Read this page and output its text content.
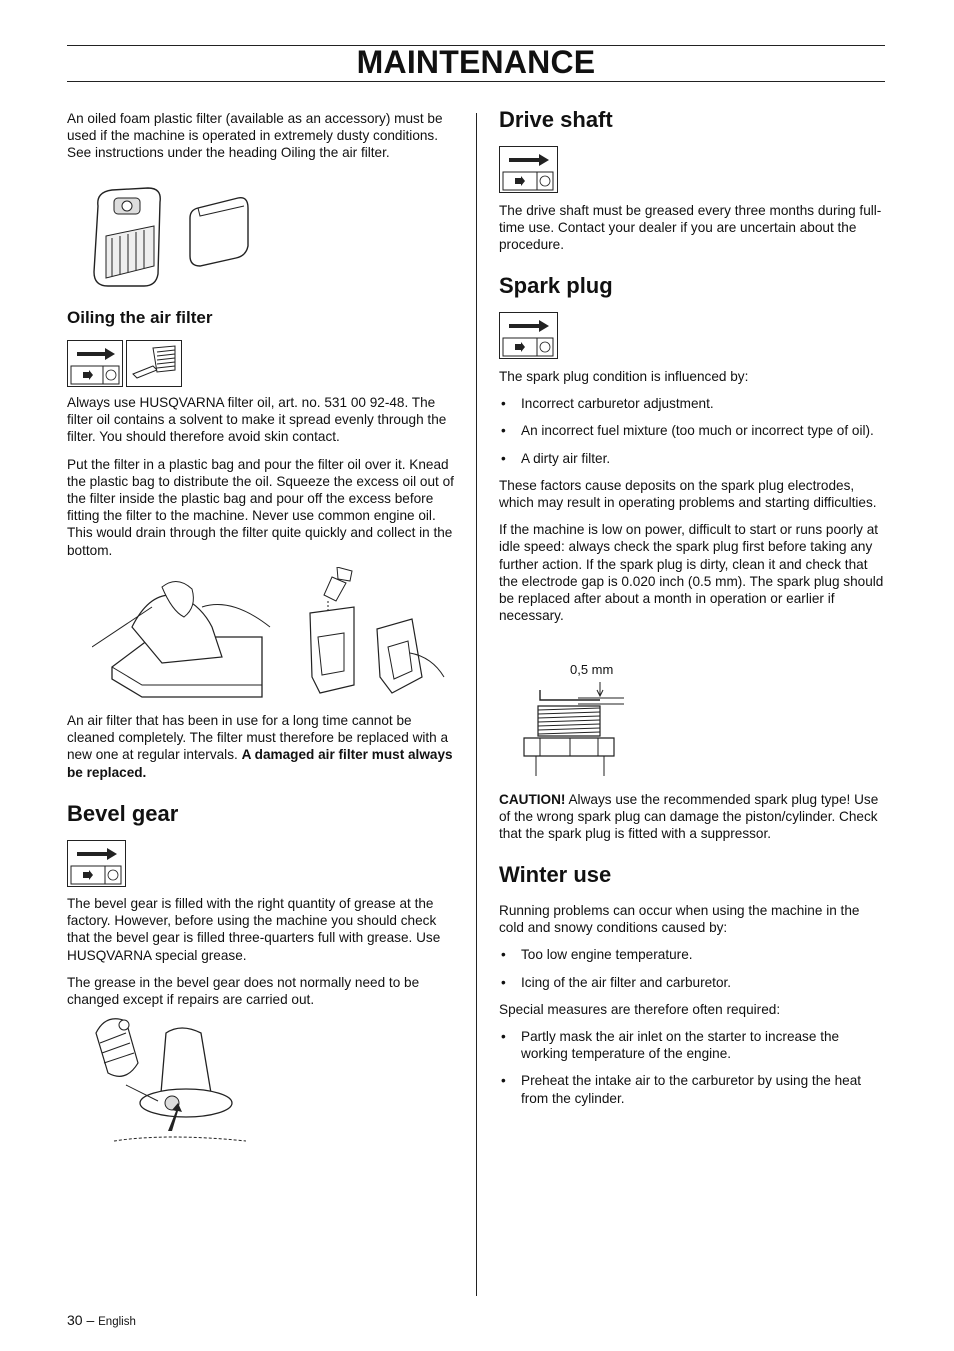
MAINTENANCE

An oiled foam plastic filter (available as an accessory) must be used if the machine is operated in extremely dusty conditions. See instructions under the heading Oiling the air filter.

Oiling the air filter

Always use HUSQVARNA filter oil, art. no. 531 00 92-48. The filter oil contains a solvent to make it spread evenly through the filter. You should therefore avoid skin contact.

Put the filter in a plastic bag and pour the filter oil over it. Knead the plastic bag to distribute the oil. Squeeze the excess oil out of the filter inside the plastic bag and pour off the excess before fitting the filter to the machine. Never use common engine oil. This would drain through the filter quite quickly and collect in the bottom.

An air filter that has been in use for a long time cannot be cleaned completely. The filter must therefore be replaced with a new one at regular intervals. A damaged air filter must always be replaced.

Bevel gear

The bevel gear is filled with the right quantity of grease at the factory. However, before using the machine you should check that the bevel gear is filled three-quarters full with grease. Use HUSQVARNA special grease.

The grease in the bevel gear does not normally need to be changed except if repairs are carried out.

Drive shaft

The drive shaft must be greased every three months during full-time use. Contact your dealer if you are uncertain about the procedure.

Spark plug

The spark plug condition is influenced by:

• Incorrect carburetor adjustment.
• An incorrect fuel mixture (too much or incorrect type of oil).
• A dirty air filter.

These factors cause deposits on the spark plug electrodes, which may result in operating problems and starting difficulties.

If the machine is low on power, difficult to start or runs poorly at idle speed: always check the spark plug first before taking any further action. If the spark plug is dirty, clean it and check that the electrode gap is 0.020 inch (0.5 mm). The spark plug should be replaced after about a month in operation or earlier if necessary.

0,5 mm

CAUTION! Always use the recommended spark plug type! Use of the wrong spark plug can damage the piston/cylinder. Check that the spark plug is fitted with a suppressor.

Winter use

Running problems can occur when using the machine in the cold and snowy conditions caused by:

• Too low engine temperature.
• Icing of the air filter and carburetor.

Special measures are therefore often required:

• Partly mask the air inlet on the starter to increase the working temperature of the engine.
• Preheat the intake air to the carburetor by using the heat from the cylinder.
30 – English
